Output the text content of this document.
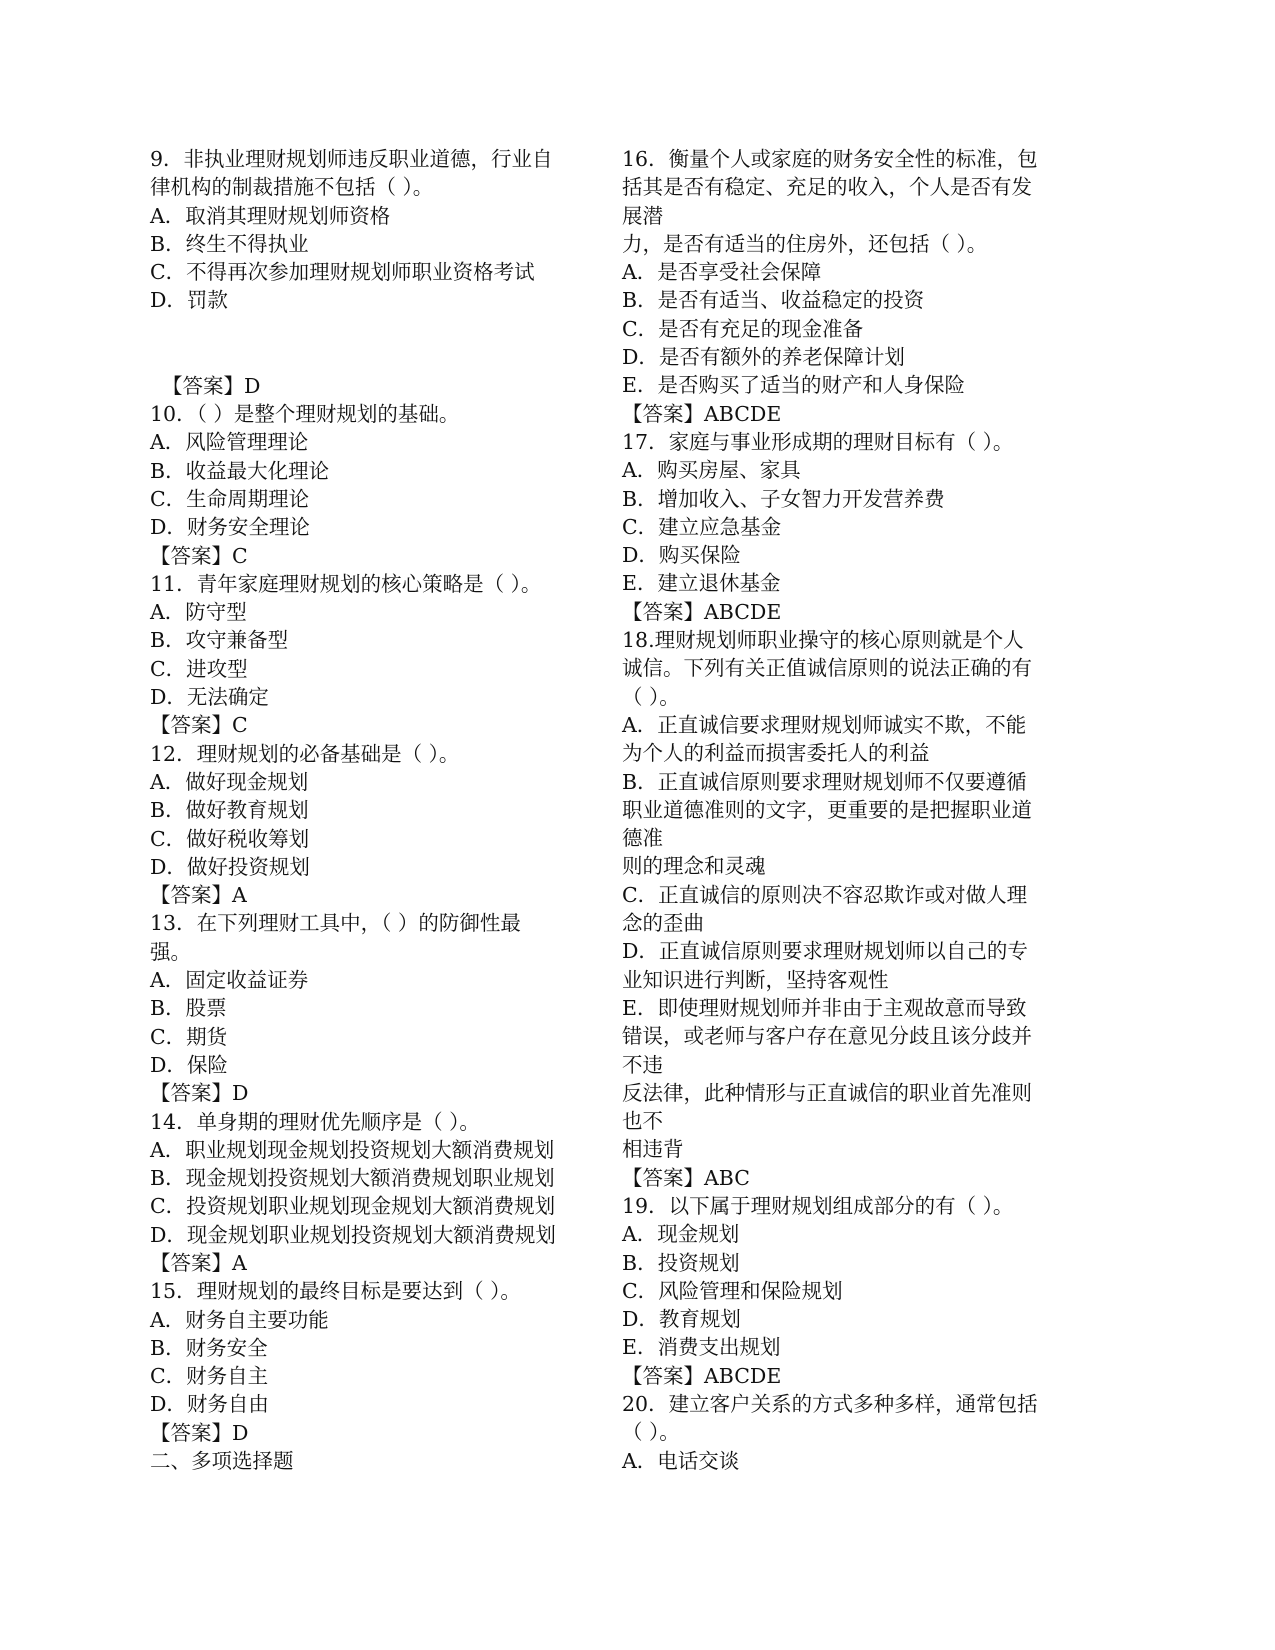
9．非执业理财规划师违反职业道德，行业自
律机构的制裁措施不包括（ ）。
A．取消其理财规划师资格
B．终生不得执业
C．不得再次参加理财规划师职业资格考试
D．罚款
【答案】D
10．（ ）是整个理财规划的基础。
A．风险管理理论
B．收益最大化理论
C．生命周期理论
D．财务安全理论
【答案】C
11．青年家庭理财规划的核心策略是（ ）。
A．防守型
B．攻守兼备型
C．进攻型
D．无法确定
【答案】C
12．理财规划的必备基础是（ ）。
A．做好现金规划
B．做好教育规划
C．做好税收筹划
D．做好投资规划
【答案】A
13．在下列理财工具中，（ ）的防御性最
强。
A．固定收益证券
B．股票
C．期货
D．保险
【答案】D
14．单身期的理财优先顺序是（ ）。
A．职业规划现金规划投资规划大额消费规划
B．现金规划投资规划大额消费规划职业规划
C．投资规划职业规划现金规划大额消费规划
D．现金规划职业规划投资规划大额消费规划
【答案】A
15．理财规划的最终目标是要达到（ ）。
A．财务自主要功能
B．财务安全
C．财务自主
D．财务自由
【答案】D
二、多项选择题
16．衡量个人或家庭的财务安全性的标准，包
括其是否有稳定、充足的收入，个人是否有发
展潜
力，是否有适当的住房外，还包括（ ）。
A．是否享受社会保障
B．是否有适当、收益稳定的投资
C．是否有充足的现金准备
D．是否有额外的养老保障计划
E．是否购买了适当的财产和人身保险
【答案】ABCDE
17．家庭与事业形成期的理财目标有（ ）。
A．购买房屋、家具
B．增加收入、子女智力开发营养费
C．建立应急基金
D．购买保险
E．建立退休基金
【答案】ABCDE
18.理财规划师职业操守的核心原则就是个人
诚信。下列有关正值诚信原则的说法正确的有
（ ）。
A．正直诚信要求理财规划师诚实不欺，不能
为个人的利益而损害委托人的利益
B．正直诚信原则要求理财规划师不仅要遵循
职业道德准则的文字，更重要的是把握职业道
德准
则的理念和灵魂
C．正直诚信的原则决不容忍欺诈或对做人理
念的歪曲
D．正直诚信原则要求理财规划师以自己的专
业知识进行判断，坚持客观性
E．即使理财规划师并非由于主观故意而导致
错误，或老师与客户存在意见分歧且该分歧并
不违
反法律，此种情形与正直诚信的职业首先准则
也不
相违背
【答案】ABC
19．以下属于理财规划组成部分的有（ ）。
A．现金规划
B．投资规划
C．风险管理和保险规划
D．教育规划
E．消费支出规划
【答案】ABCDE
20．建立客户关系的方式多种多样，通常包括
（ ）。
A．电话交谈
